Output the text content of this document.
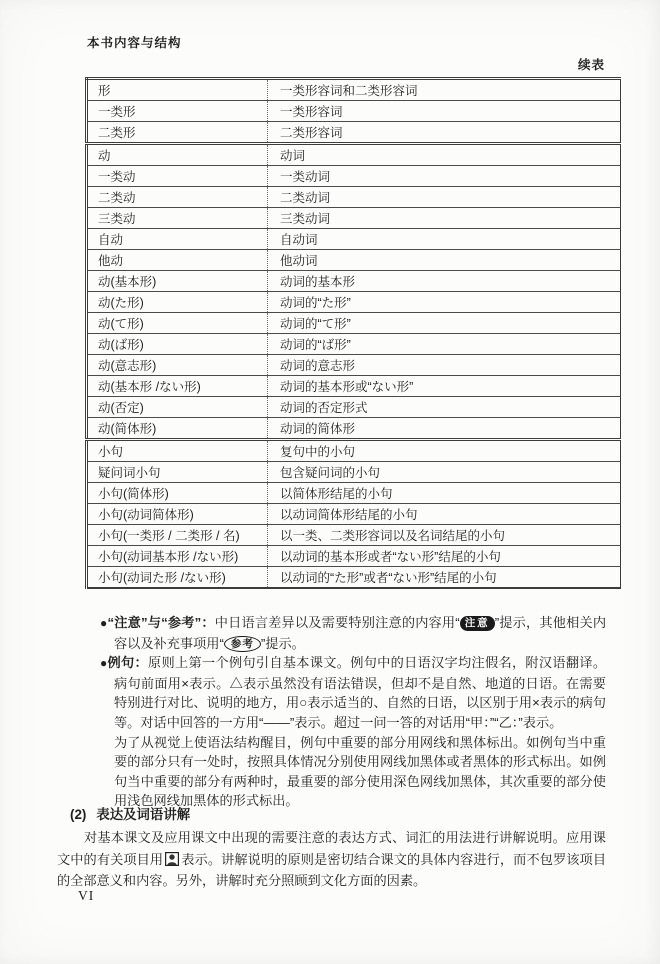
本书内容与结构
续表
形	一类形容词和二类形容词
一类形	一类形容词
二类形	二类形容词
动	动词
一类动	一类动词
二类动	二类动词
三类动	三类动词
自动	自动词
他动	他动词
动(基本形)	动词的基本形
动(た形)	动词的“た形”
动(て形)	动词的“て形”
动(ば形)	动词的“ば形”
动(意志形)	动词的意志形
动(基本形 /ない形)	动词的基本形或“ない形”
动(否定)	动词的否定形式
动(简体形)	动词的简体形
小句	复句中的小句
疑问词小句	包含疑问词的小句
小句(简体形)	以简体形结尾的小句
小句(动词简体形)	以动词简体形结尾的小句
小句(一类形 / 二类形 / 名)	以一类、二类形容词以及名词结尾的小句
小句(动词基本形 /ない形)	以动词的基本形或者“ない形”结尾的小句
小句(动词た形 /ない形)	以动词的“た形”或者“ない形”结尾的小句

●“注意”与“参考”：中日语言差异以及需要特别注意的内容用“ 注意 ”提示，其他相关内容以及补充事项用“ 参考 ”提示。

●例句：原则上第一个例句引自基本课文。例句中的日语汉字均注假名，附汉语翻译。病句前面用×表示。△表示虽然没有语法错误，但却不是自然、地道的日语。在需要特别进行对比、说明的地方，用○表示适当的、自然的日语，以区别于用×表示的病句等。对话中回答的一方用“——”表示。超过一问一答的对话用“甲：”“乙：”表示。

为了从视觉上使语法结构醒目，例句中重要的部分用网线和黑体标出。如例句当中重要的部分只有一处时，按照具体情况分别使用网线加黑体或者黑体的形式标出。如例句当中重要的部分有两种时，最重要的部分使用深色网线加黑体，其次重要的部分使用浅色网线加黑体的形式标出。

(2) 表达及词语讲解
对基本课文及应用课文中出现的需要注意的表达方式、词汇的用法进行讲解说明。应用课文中的有关项目用 表示。讲解说明的原则是密切结合课文的具体内容进行，而不包罗该项目的全部意义和内容。另外，讲解时充分照顾到文化方面的因素。
VI
